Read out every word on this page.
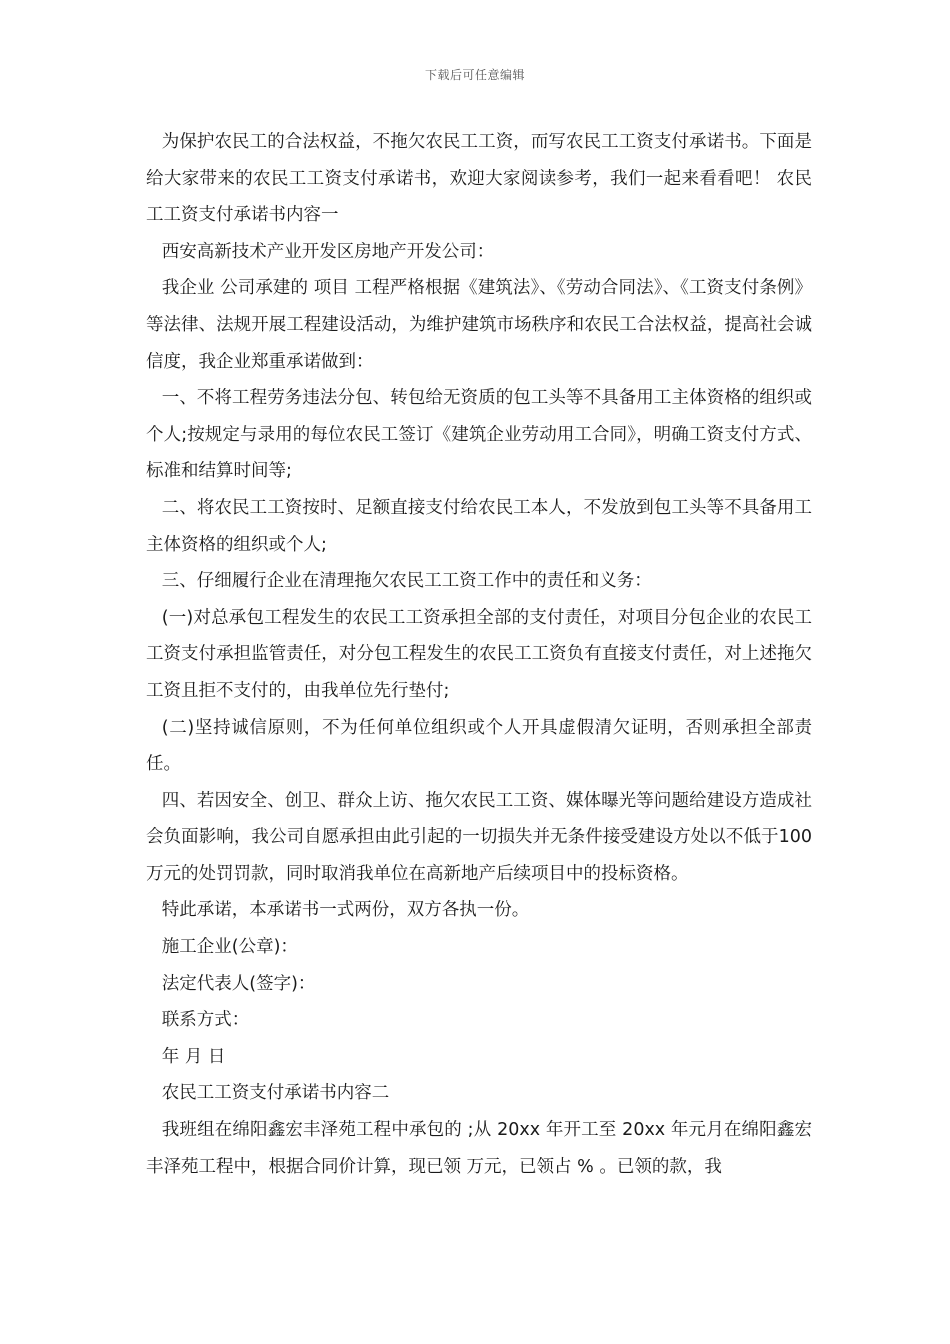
下载后可任意编辑

为保护农民工的合法权益，不拖欠农民工工资，而写农民工工资支付承诺书。下面是给大家带来的农民工工资支付承诺书，欢迎大家阅读参考，我们一起来看看吧！ 农民工工资支付承诺书内容一

西安高新技术产业开发区房地产开发公司：

我企业 公司承建的 项目 工程严格根据《建筑法》、《劳动合同法》、《工资支付条例》等法律、法规开展工程建设活动，为维护建筑市场秩序和农民工合法权益，提高社会诚信度，我企业郑重承诺做到：

一、不将工程劳务违法分包、转包给无资质的包工头等不具备用工主体资格的组织或个人;按规定与录用的每位农民工签订《建筑企业劳动用工合同》，明确工资支付方式、标准和结算时间等;

二、将农民工工资按时、足额直接支付给农民工本人，不发放到包工头等不具备用工主体资格的组织或个人;

三、仔细履行企业在清理拖欠农民工工资工作中的责任和义务：

(一)对总承包工程发生的农民工工资承担全部的支付责任，对项目分包企业的农民工工资支付承担监管责任，对分包工程发生的农民工工资负有直接支付责任，对上述拖欠工资且拒不支付的，由我单位先行垫付;

(二)坚持诚信原则，不为任何单位组织或个人开具虚假清欠证明，否则承担全部责任。

四、若因安全、创卫、群众上访、拖欠农民工工资、媒体曝光等问题给建设方造成社会负面影响，我公司自愿承担由此引起的一切损失并无条件接受建设方处以不低于100万元的处罚罚款，同时取消我单位在高新地产后续项目中的投标资格。

特此承诺，本承诺书一式两份，双方各执一份。

施工企业(公章)：

法定代表人(签字)：

联系方式：

年 月 日

农民工工资支付承诺书内容二

我班组在绵阳鑫宏丰泽苑工程中承包的 ;从 20xx 年开工至 20xx 年元月在绵阳鑫宏丰泽苑工程中，根据合同价计算，现已领 万元，已领占 % 。已领的款，我
